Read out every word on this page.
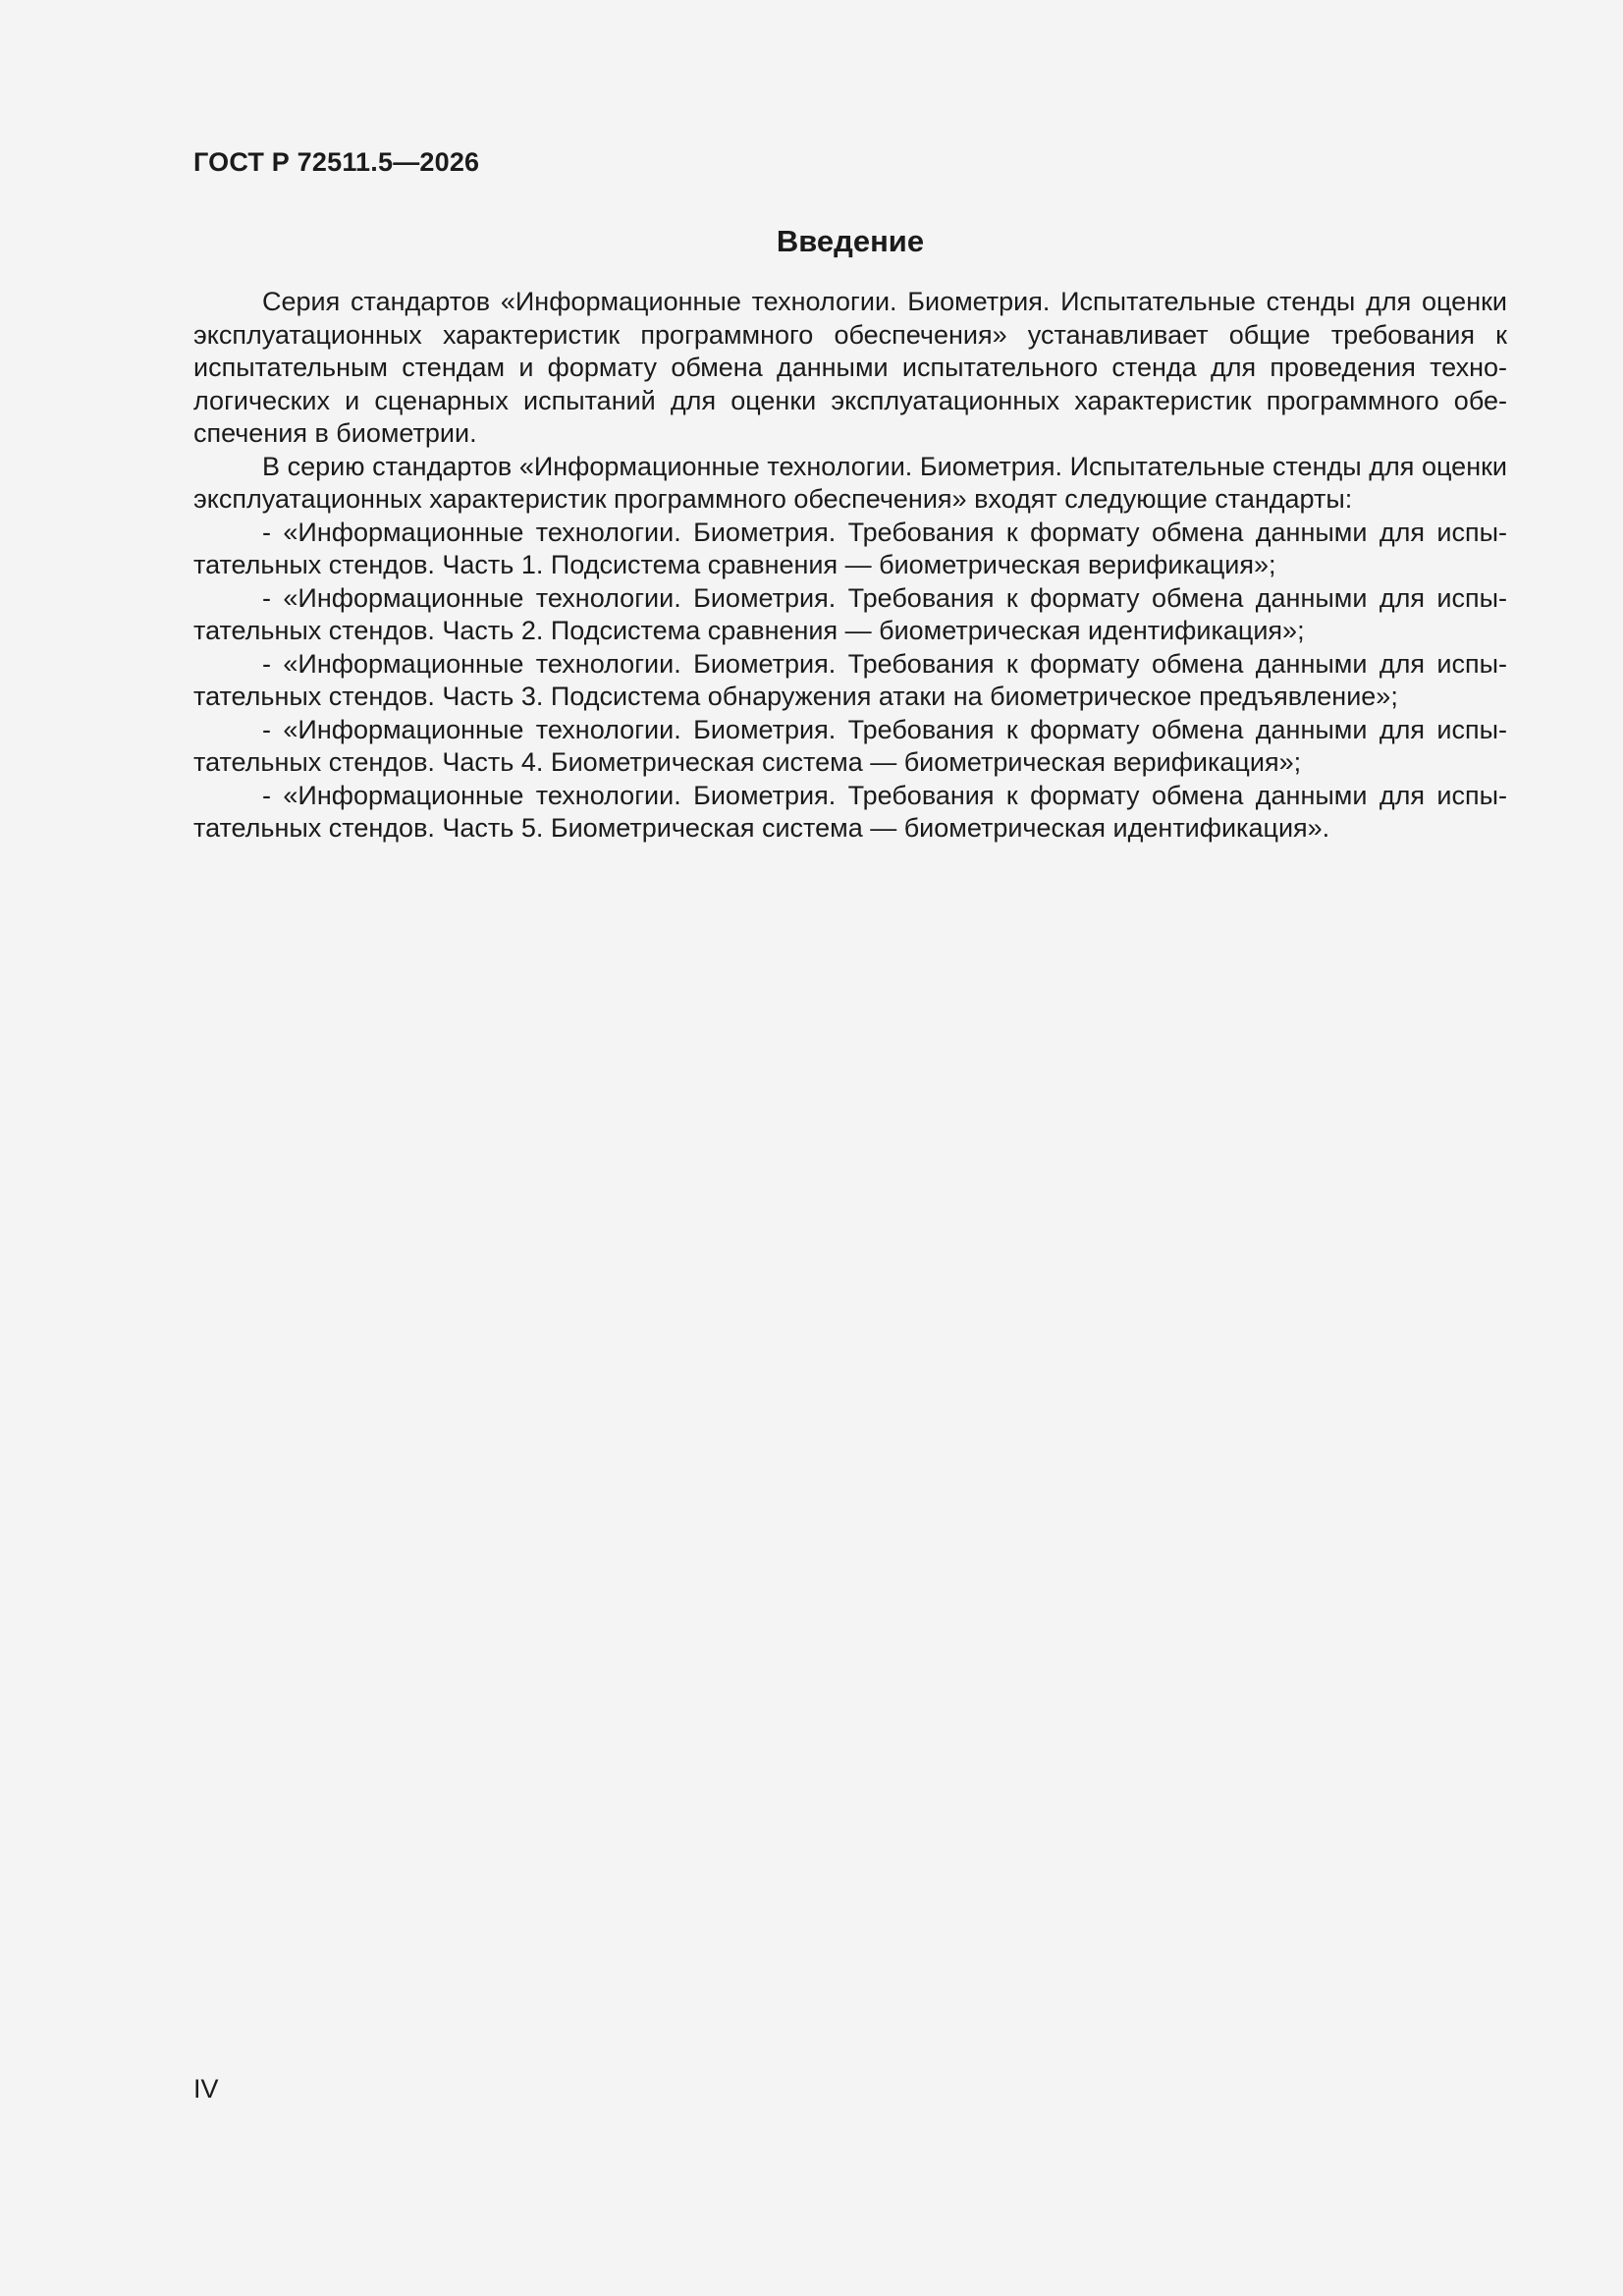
ГОСТ Р 72511.5—2026

Введение

Серия стандартов «Информационные технологии. Биометрия. Испытательные стенды для оценки эксплуатационных характеристик программного обеспечения» устанавливает общие требования к испытательным стендам и формату обмена данными испытательного стенда для проведения технологических и сценарных испытаний для оценки эксплуатационных характеристик программного обеспечения в биометрии.

В серию стандартов «Информационные технологии. Биометрия. Испытательные стенды для оценки эксплуатационных характеристик программного обеспечения» входят следующие стандарты:

- «Информационные технологии. Биометрия. Требования к формату обмена данными для испытательных стендов. Часть 1. Подсистема сравнения — биометрическая верификация»;

- «Информационные технологии. Биометрия. Требования к формату обмена данными для испытательных стендов. Часть 2. Подсистема сравнения — биометрическая идентификация»;

- «Информационные технологии. Биометрия. Требования к формату обмена данными для испытательных стендов. Часть 3. Подсистема обнаружения атаки на биометрическое предъявление»;

- «Информационные технологии. Биометрия. Требования к формату обмена данными для испытательных стендов. Часть 4. Биометрическая система — биометрическая верификация»;

- «Информационные технологии. Биометрия. Требования к формату обмена данными для испытательных стендов. Часть 5. Биометрическая система — биометрическая идентификация».

IV
